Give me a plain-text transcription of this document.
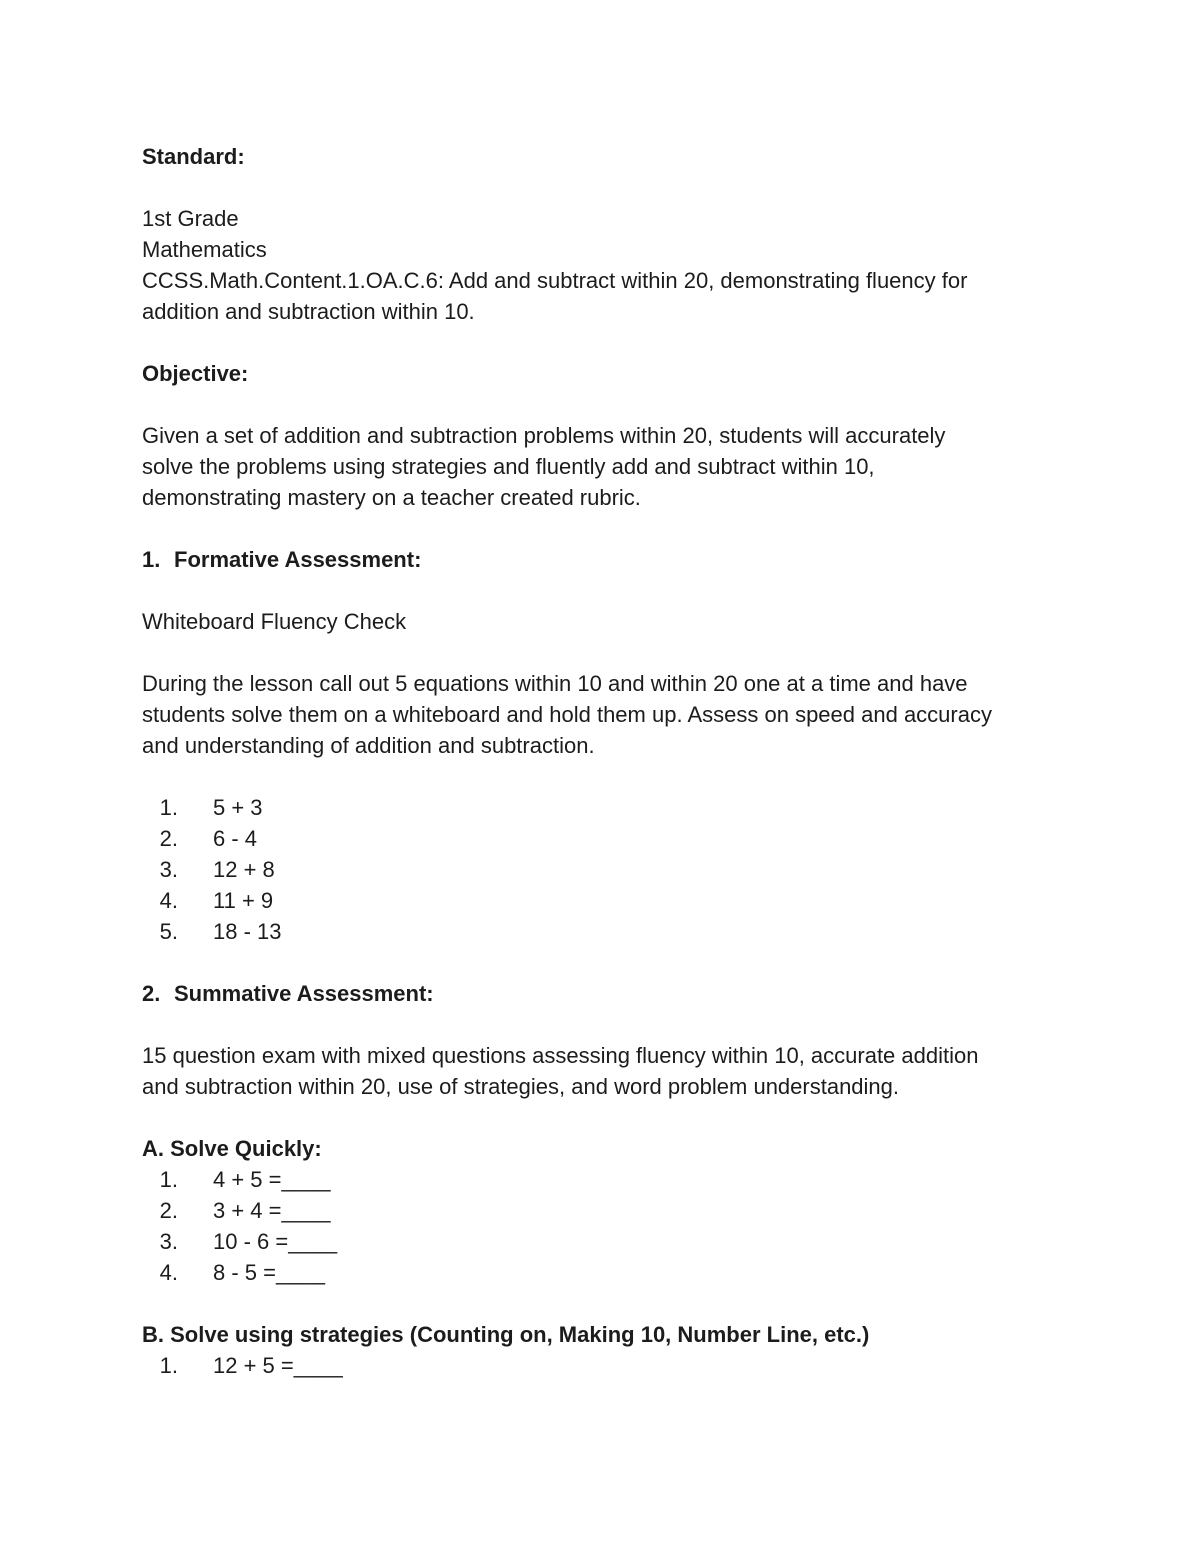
Standard:

1st Grade

Mathematics

CCSS.Math.Content.1.OA.C.6: Add and subtract within 20, demonstrating fluency for

addition and subtraction within 10.

Objective:

Given a set of addition and subtraction problems within 20, students will accurately

solve the problems using strategies and fluently add and subtract within 10,

demonstrating mastery on a teacher created rubric.

1. Formative Assessment:

Whiteboard Fluency Check

During the lesson call out 5 equations within 10 and within 20 one at a time and have

students solve them on a whiteboard and hold them up. Assess on speed and accuracy

and understanding of addition and subtraction.

1.	5 + 3
2.	6 - 4
3.	12 + 8
4.	11 + 9
5.	18 - 13

2. Summative Assessment:

15 question exam with mixed questions assessing fluency within 10, accurate addition

and subtraction within 20, use of strategies, and word problem understanding.

A. Solve Quickly:

1.	4 + 5 =____
2.	3 + 4 =____
3.	10 - 6 =____
4.	8 - 5 =____

B. Solve using strategies (Counting on, Making 10, Number Line, etc.)

1.	12 + 5 =____
